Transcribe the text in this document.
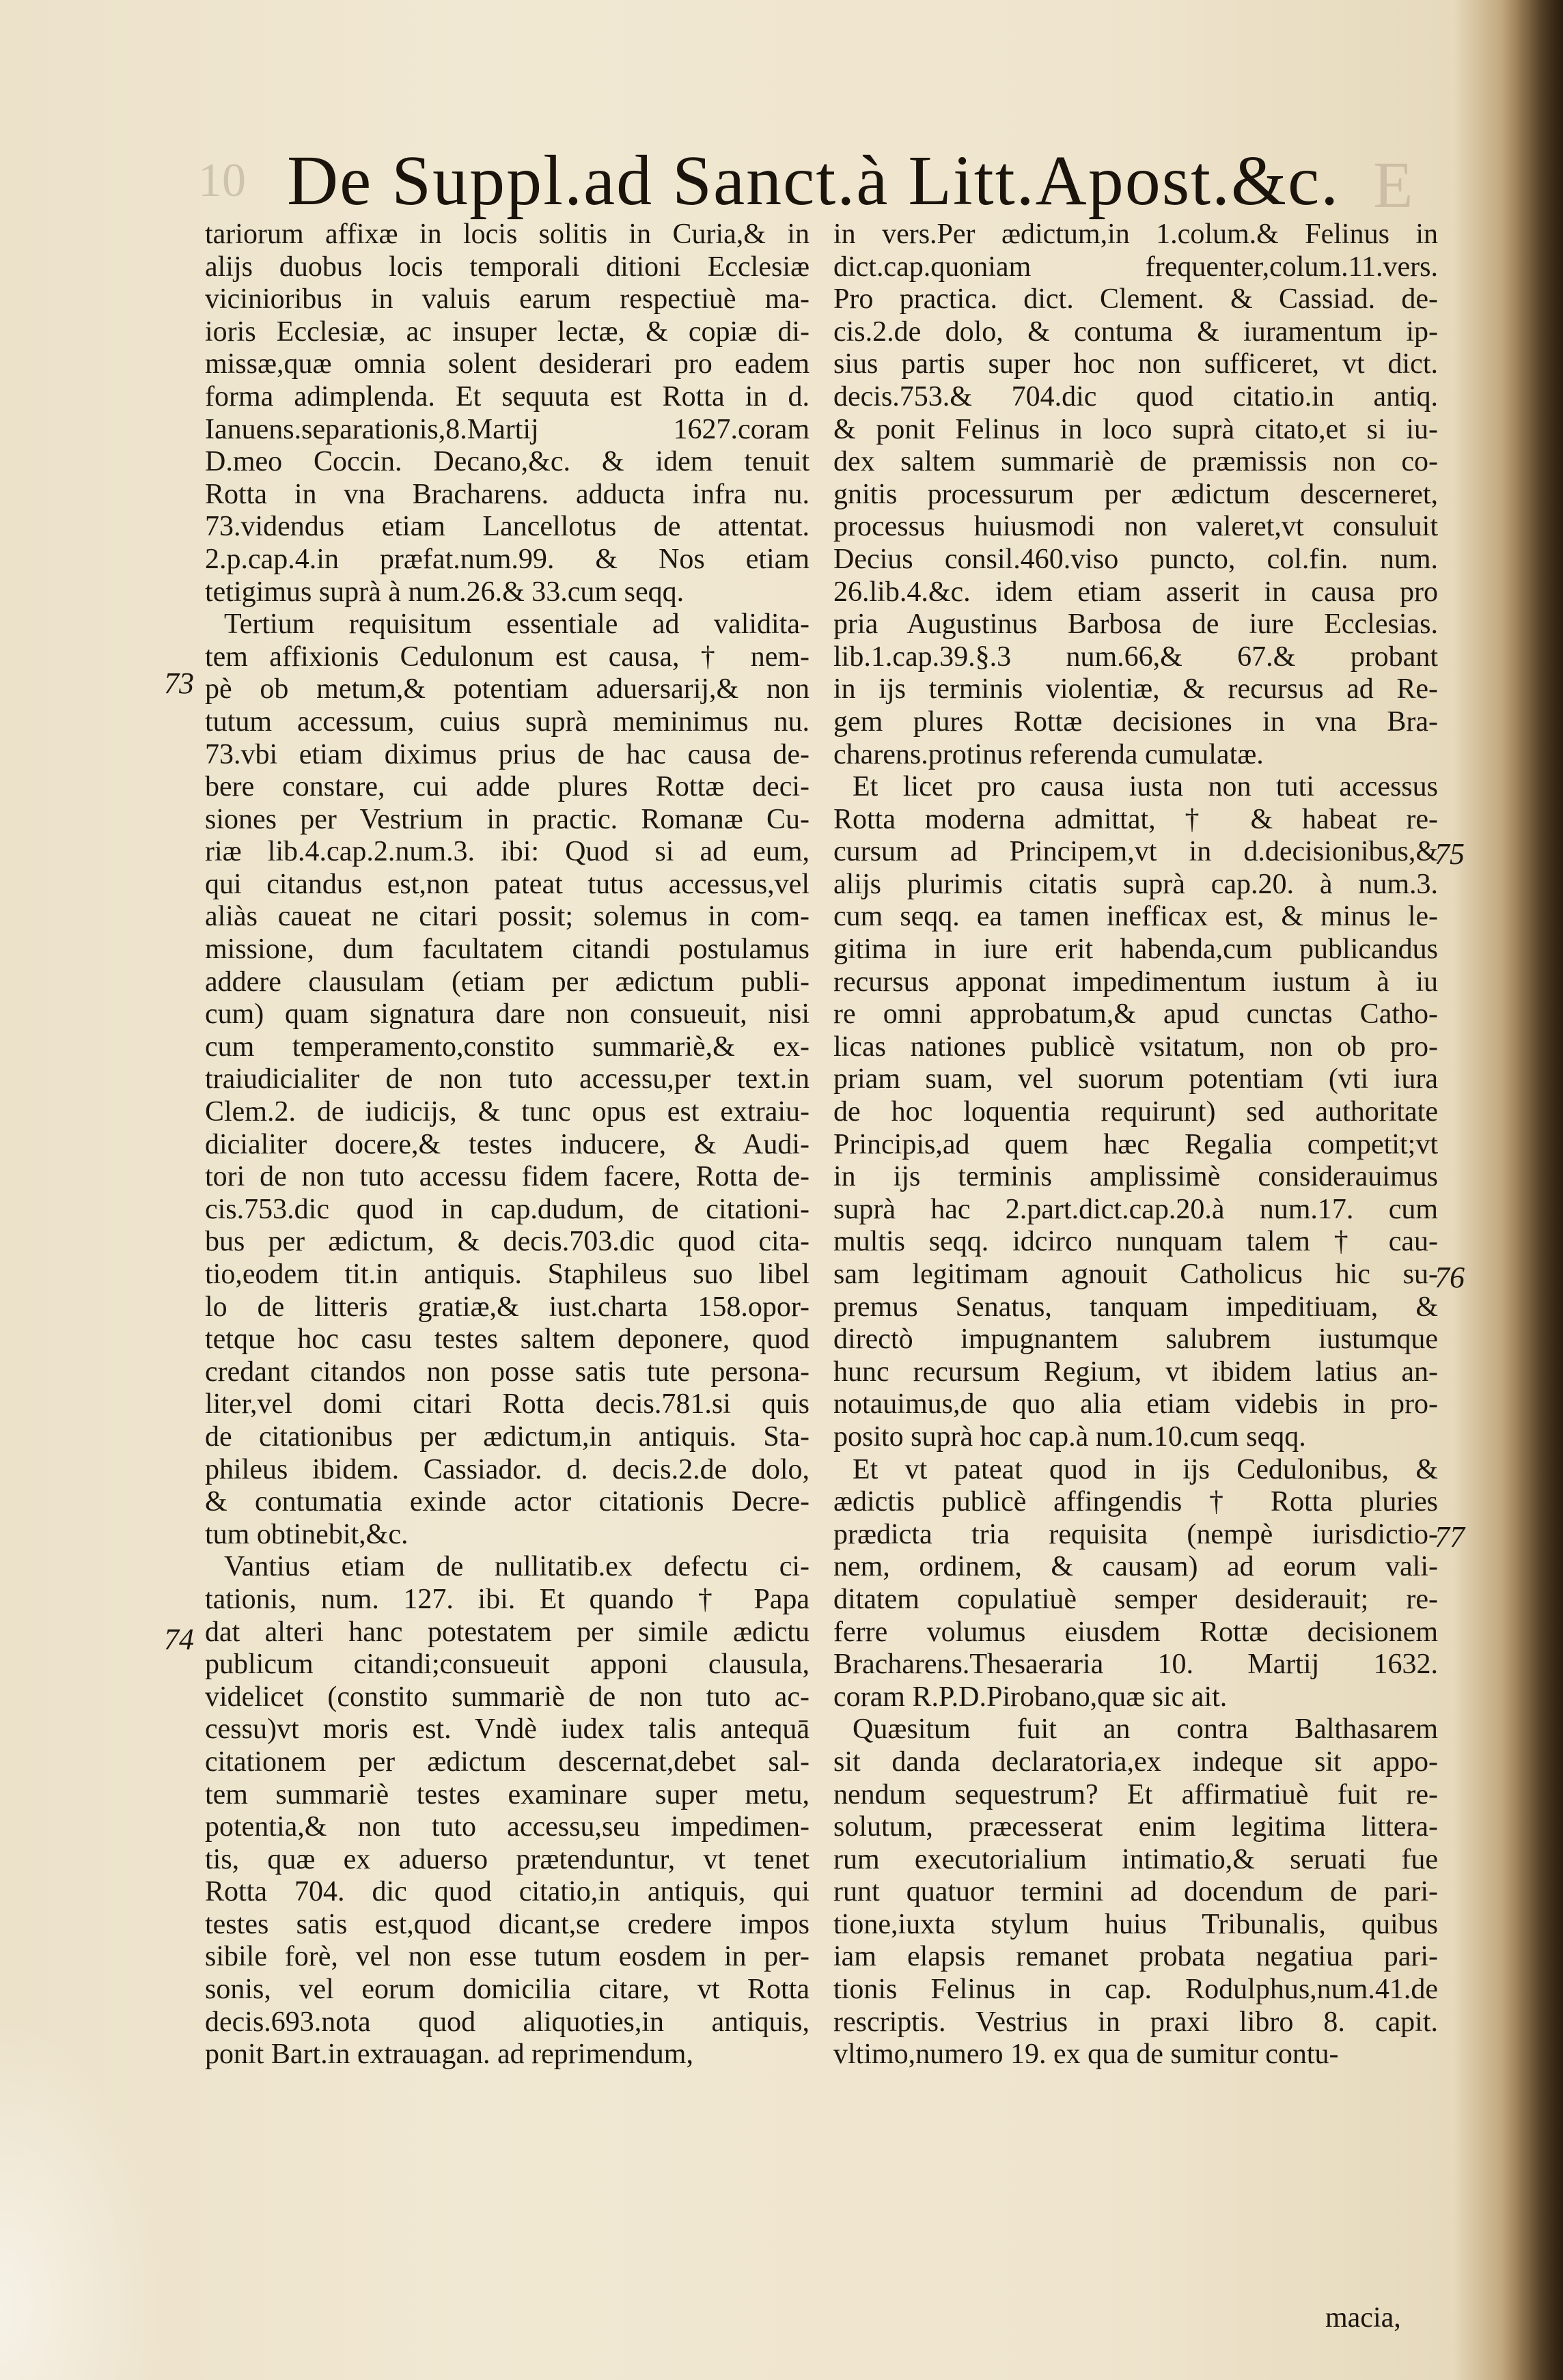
10 De Suppl.ad Sanct.à Litt.Apost.&c. E
tariorum affixæ in locis solitis in Curia,& in
alijs duobus locis temporali ditioni Ecclesiæ
vicinioribus in valuis earum respectiuè ma-
ioris Ecclesiæ, ac insuper lectæ, & copiæ di-
missæ,quæ omnia solent desiderari pro eadem
forma adimplenda. Et sequuta est Rotta in d.
Ianuens.separationis,8.Martij 1627.coram
D.meo Coccin. Decano,&c. & idem tenuit
Rotta in vna Bracharens. adducta infra nu.
73.videndus etiam Lancellotus de attentat.
2.p.cap.4.in præfat.num.99. & Nos etiam
tetigimus suprà à num.26.& 33.cum seqq.
Tertium requisitum essentiale ad validita-
tem affixionis Cedulonum est causa, † nem-
pè ob metum,& potentiam aduersarij,& non
tutum accessum, cuius suprà meminimus nu.
73.vbi etiam diximus prius de hac causa de-
bere constare, cui adde plures Rottæ deci-
siones per Vestrium in practic. Romanæ Cu-
riæ lib.4.cap.2.num.3. ibi: Quod si ad eum,
qui citandus est,non pateat tutus accessus,vel
aliàs caueat ne citari possit; solemus in com-
missione, dum facultatem citandi postulamus
addere clausulam (etiam per ædictum publi-
cum) quam signatura dare non consueuit, nisi
cum temperamento,constito summariè,& ex-
traiudicialiter de non tuto accessu,per text.in
Clem.2. de iudicijs, & tunc opus est extraiu-
dicialiter docere,& testes inducere, & Audi-
tori de non tuto accessu fidem facere, Rotta de-
cis.753.dic quod in cap.dudum, de citationi-
bus per ædictum, & decis.703.dic quod cita-
tio,eodem tit.in antiquis. Staphileus suo libel
lo de litteris gratiæ,& iust.charta 158.opor-
tetque hoc casu testes saltem deponere, quod
credant citandos non posse satis tute persona-
liter,vel domi citari Rotta decis.781.si quis
de citationibus per ædictum,in antiquis. Sta-
phileus ibidem. Cassiador. d. decis.2.de dolo,
& contumatia exinde actor citationis Decre-
tum obtinebit,&c.
Vantius etiam de nullitatib.ex defectu ci-
tationis, num. 127. ibi. Et quando † Papa
dat alteri hanc potestatem per simile ædictu
publicum citandi;consueuit apponi clausula,
videlicet (constito summariè de non tuto ac-
cessu)vt moris est. Vndè iudex talis antequā
citationem per ædictum descernat,debet sal-
tem summariè testes examinare super metu,
potentia,& non tuto accessu,seu impedimen-
tis, quæ ex aduerso prætenduntur, vt tenet
Rotta 704. dic quod citatio,in antiquis, qui
testes satis est,quod dicant,se credere impos
sibile forè, vel non esse tutum eosdem in per-
sonis, vel eorum domicilia citare, vt Rotta
decis.693.nota quod aliquoties,in antiquis,
ponit Bart.in extrauagan. ad reprimendum,
in vers.Per ædictum,in 1.colum.& Felinus in
dict.cap.quoniam frequenter,colum.11.vers.
Pro practica. dict. Clement. & Cassiad. de-
cis.2.de dolo, & contuma & iuramentum ip-
sius partis super hoc non sufficeret, vt dict.
decis.753.& 704.dic quod citatio.in antiq.
& ponit Felinus in loco suprà citato,et si iu-
dex saltem summariè de præmissis non co-
gnitis processurum per ædictum descerneret,
processus huiusmodi non valeret,vt consuluit
Decius consil.460.viso puncto, col.fin. num.
26.lib.4.&c. idem etiam asserit in causa pro
pria Augustinus Barbosa de iure Ecclesias.
lib.1.cap.39.§.3 num.66,& 67.& probant
in ijs terminis violentiæ, & recursus ad Re-
gem plures Rottæ decisiones in vna Bra-
charens.protinus referenda cumulatæ.
Et licet pro causa iusta non tuti accessus
Rotta moderna admittat, † & habeat re-
cursum ad Principem,vt in d.decisionibus,&
alijs plurimis citatis suprà cap.20. à num.3.
cum seqq. ea tamen inefficax est, & minus le-
gitima in iure erit habenda,cum publicandus
recursus apponat impedimentum iustum à iu
re omni approbatum,& apud cunctas Catho-
licas nationes publicè vsitatum, non ob pro-
priam suam, vel suorum potentiam (vti iura
de hoc loquentia requirunt) sed authoritate
Principis,ad quem hæc Regalia competit;vt
in ijs terminis amplissimè considerauimus
suprà hac 2.part.dict.cap.20.à num.17. cum
multis seqq. idcirco nunquam talem † cau-
sam legitimam agnouit Catholicus hic su-
premus Senatus, tanquam impeditiuam, &
directò impugnantem salubrem iustumque
hunc recursum Regium, vt ibidem latius an-
notauimus,de quo alia etiam videbis in pro-
posito suprà hoc cap.à num.10.cum seqq.
Et vt pateat quod in ijs Cedulonibus, &
ædictis publicè affingendis † Rotta pluries
prædicta tria requisita (nempè iurisdictio-
nem, ordinem, & causam) ad eorum vali-
ditatem copulatiuè semper desiderauit; re-
ferre volumus eiusdem Rottæ decisionem
Bracharens.Thesaeraria 10. Martij 1632.
coram R.P.D.Pirobano,quæ sic ait.
Quæsitum fuit an contra Balthasarem
sit danda declaratoria,ex indeque sit appo-
nendum sequestrum? Et affirmatiuè fuit re-
solutum, præcesserat enim legitima littera-
rum executorialium intimatio,& seruati fue
runt quatuor termini ad docendum de pari-
tione,iuxta stylum huius Tribunalis, quibus
iam elapsis remanet probata negatiua pari-
tionis Felinus in cap. Rodulphus,num.41.de
rescriptis. Vestrius in praxi libro 8. capit.
vltimo,numero 19. ex qua de sumitur contu-
73
74
75
76
77
macia,
